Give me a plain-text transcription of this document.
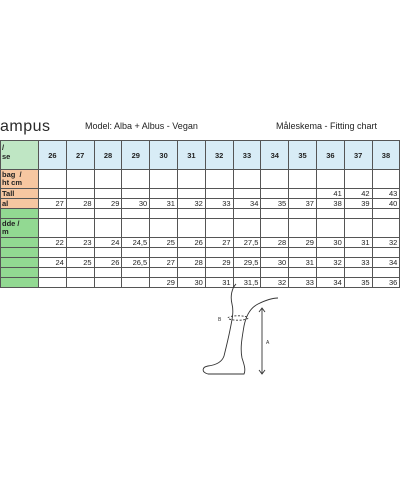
ampus	Model: Alba + Albus - Vegan	Måleskema - Fitting chart
/
se	26	27	28	29	30	31	32	33	34	35	36	37	38
bag  /
ht cm													
Tall											41	42	43
al	27	28	29	30	31	32	33	34	35	37	38	39	40

dde /
m													
	22	23	24	24,5	25	26	27	27,5	28	29	30	31	32

	24	25	26	26,5	27	28	29	29,5	30	31	32	33	34

					29	30	31	31,5	32	33	34	35	36
B
A
